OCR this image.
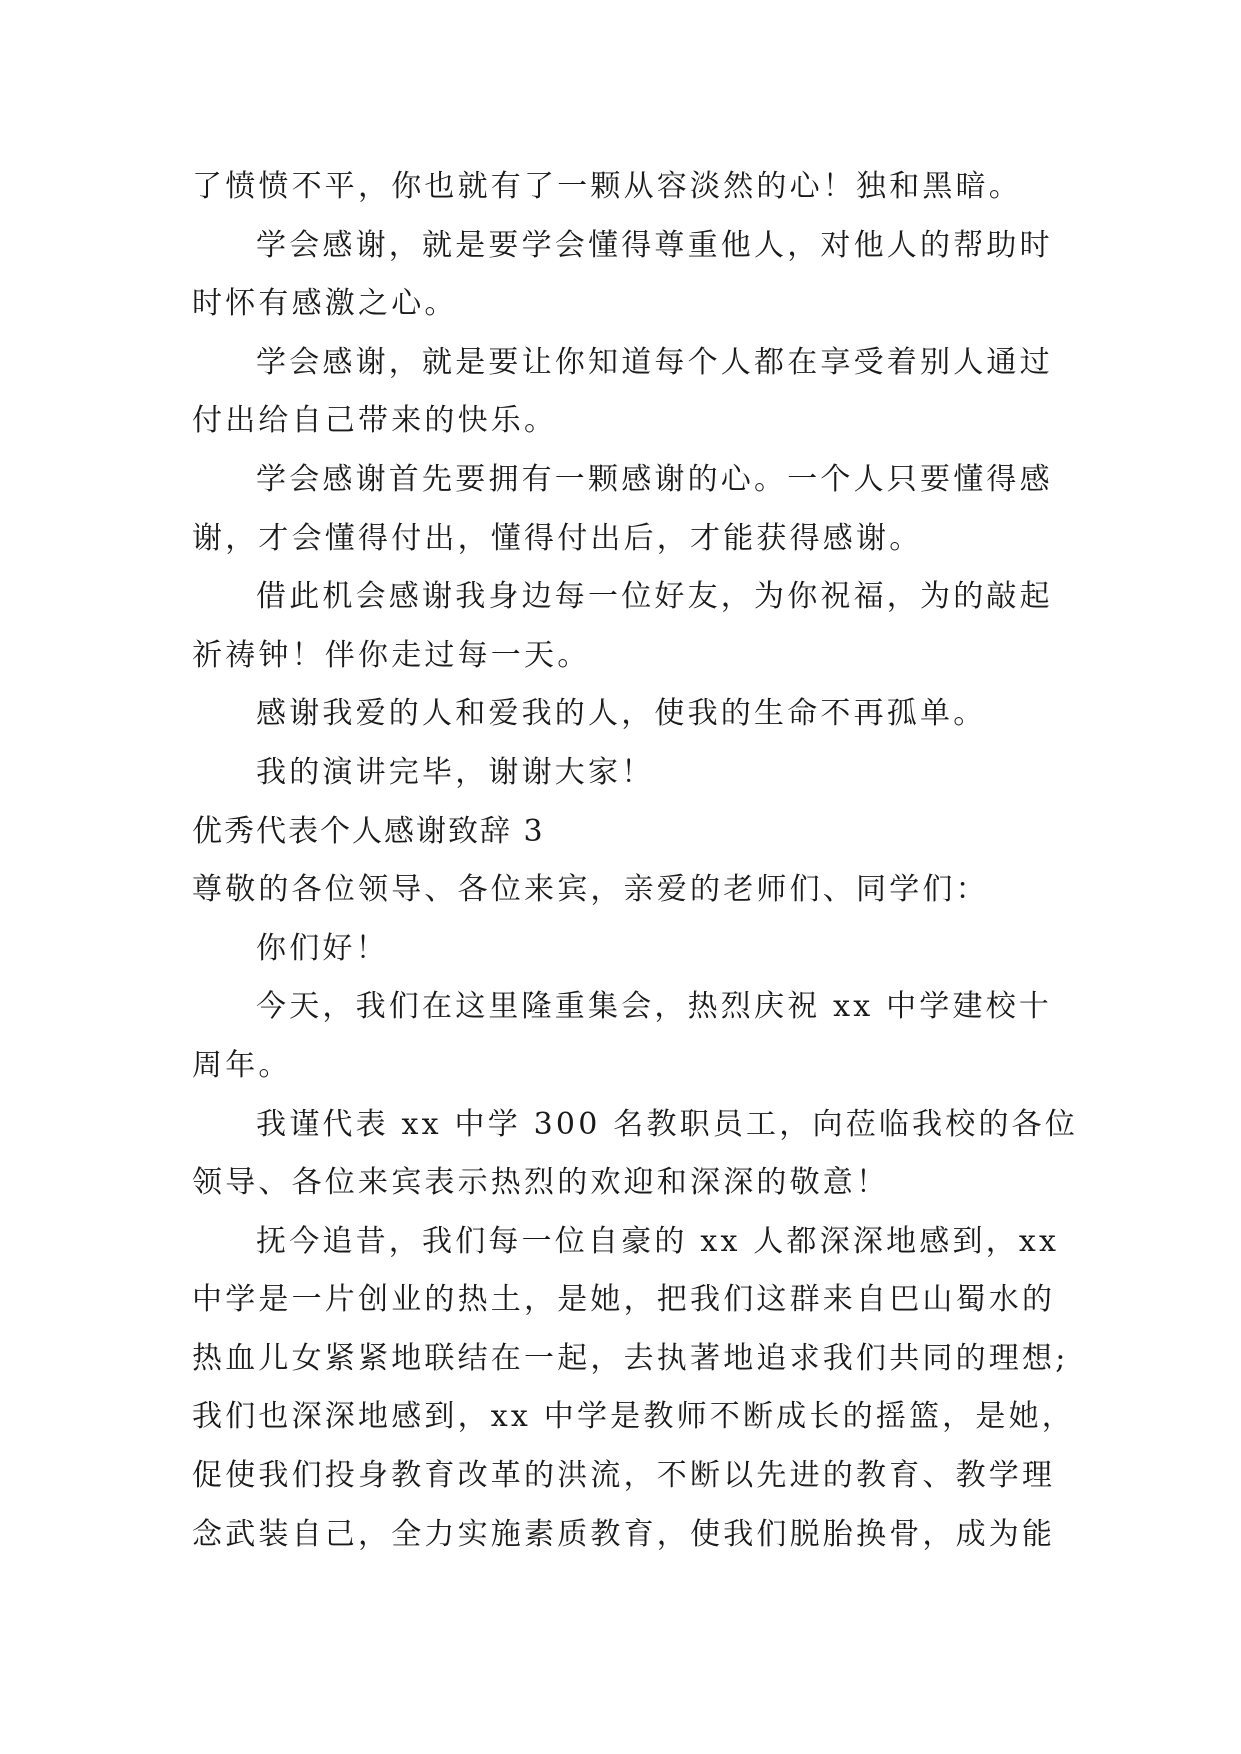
了愤愤不平，你也就有了一颗从容淡然的心！独和黑暗。
学会感谢，就是要学会懂得尊重他人，对他人的帮助时
时怀有感激之心。
学会感谢，就是要让你知道每个人都在享受着别人通过
付出给自己带来的快乐。
学会感谢首先要拥有一颗感谢的心。一个人只要懂得感
谢，才会懂得付出，懂得付出后，才能获得感谢。
借此机会感谢我身边每一位好友，为你祝福，为的敲起
祈祷钟！伴你走过每一天。
感谢我爱的人和爱我的人，使我的生命不再孤单。
我的演讲完毕，谢谢大家！
优秀代表个人感谢致辞 3
尊敬的各位领导、各位来宾，亲爱的老师们、同学们：
你们好！
今天，我们在这里隆重集会，热烈庆祝 xx 中学建校十
周年。
我谨代表 xx 中学 300 名教职员工，向莅临我校的各位
领导、各位来宾表示热烈的欢迎和深深的敬意！
抚今追昔，我们每一位自豪的 xx 人都深深地感到，xx
中学是一片创业的热土，是她，把我们这群来自巴山蜀水的
热血儿女紧紧地联结在一起，去执著地追求我们共同的理想;
我们也深深地感到，xx 中学是教师不断成长的摇篮，是她，
促使我们投身教育改革的洪流，不断以先进的教育、教学理
念武装自己，全力实施素质教育，使我们脱胎换骨，成为能
